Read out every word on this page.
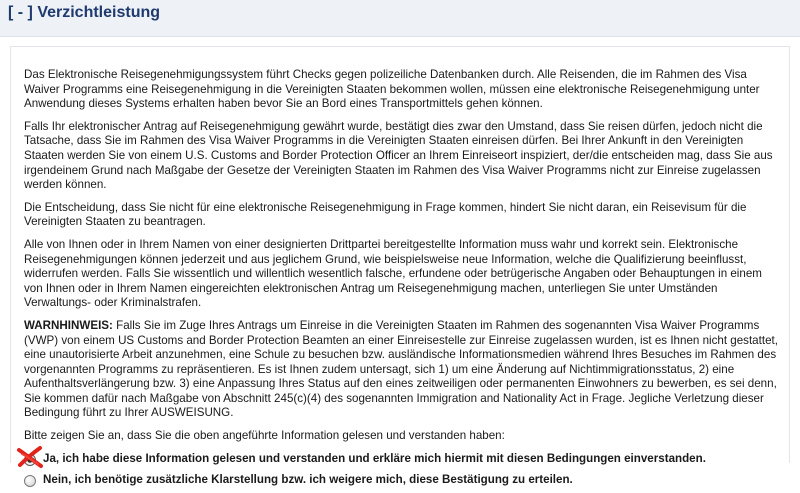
[ - ] Verzichtleistung

Das Elektronische Reisegenehmigungssystem führt Checks gegen polizeiliche Datenbanken durch. Alle Reisenden, die im Rahmen des Visa Waiver Programms eine Reisegenehmigung in die Vereinigten Staaten bekommen wollen, müssen eine elektronische Reisegenehmigung unter Anwendung dieses Systems erhalten haben bevor Sie an Bord eines Transportmittels gehen können.

Falls Ihr elektronischer Antrag auf Reisegenehmigung gewährt wurde, bestätigt dies zwar den Umstand, dass Sie reisen dürfen, jedoch nicht die Tatsache, dass Sie im Rahmen des Visa Waiver Programms in die Vereinigten Staaten einreisen dürfen. Bei Ihrer Ankunft in den Vereinigten Staaten werden Sie von einem U.S. Customs and Border Protection Officer an Ihrem Einreiseort inspiziert, der/die entscheiden mag, dass Sie aus irgendeinem Grund nach Maßgabe der Gesetze der Vereinigten Staaten im Rahmen des Visa Waiver Programms nicht zur Einreise zugelassen werden können.

Die Entscheidung, dass Sie nicht für eine elektronische Reisegenehmigung in Frage kommen, hindert Sie nicht daran, ein Reisevisum für die Vereinigten Staaten zu beantragen.

Alle von Ihnen oder in Ihrem Namen von einer designierten Drittpartei bereitgestellte Information muss wahr und korrekt sein. Elektronische Reisegenehmigungen können jederzeit und aus jeglichem Grund, wie beispielsweise neue Information, welche die Qualifizierung beeinflusst, widerrufen werden. Falls Sie wissentlich und willentlich wesentlich falsche, erfundene oder betrügerische Angaben oder Behauptungen in einem von Ihnen oder in Ihrem Namen eingereichten elektronischen Antrag um Reisegenehmigung machen, unterliegen Sie unter Umständen Verwaltungs- oder Kriminalstrafen.

WARNHINWEIS: Falls Sie im Zuge Ihres Antrags um Einreise in die Vereinigten Staaten im Rahmen des sogenannten Visa Waiver Programms (VWP) von einem US Customs and Border Protection Beamten an einer Einreisestelle zur Einreise zugelassen wurden, ist es Ihnen nicht gestattet, eine unautorisierte Arbeit anzunehmen, eine Schule zu besuchen bzw. ausländische Informationsmedien während Ihres Besuches im Rahmen des vorgenannten Programms zu repräsentieren. Es ist Ihnen zudem untersagt, sich 1) um eine Änderung auf Nichtimmigrationsstatus, 2) eine Aufenthaltsverlängerung bzw. 3) eine Anpassung Ihres Status auf den eines zeitweiligen oder permanenten Einwohners zu bewerben, es sei denn, Sie kommen dafür nach Maßgabe von Abschnitt 245(c)(4) des sogenannten Immigration and Nationality Act in Frage. Jegliche Verletzung dieser Bedingung führt zu Ihrer AUSWEISUNG.

Bitte zeigen Sie an, dass Sie die oben angeführte Information gelesen und verstanden haben:

Ja, ich habe diese Information gelesen und verstanden und erkläre mich hiermit mit diesen Bedingungen einverstanden.
Nein, ich benötige zusätzliche Klarstellung bzw. ich weigere mich, diese Bestätigung zu erteilen.
